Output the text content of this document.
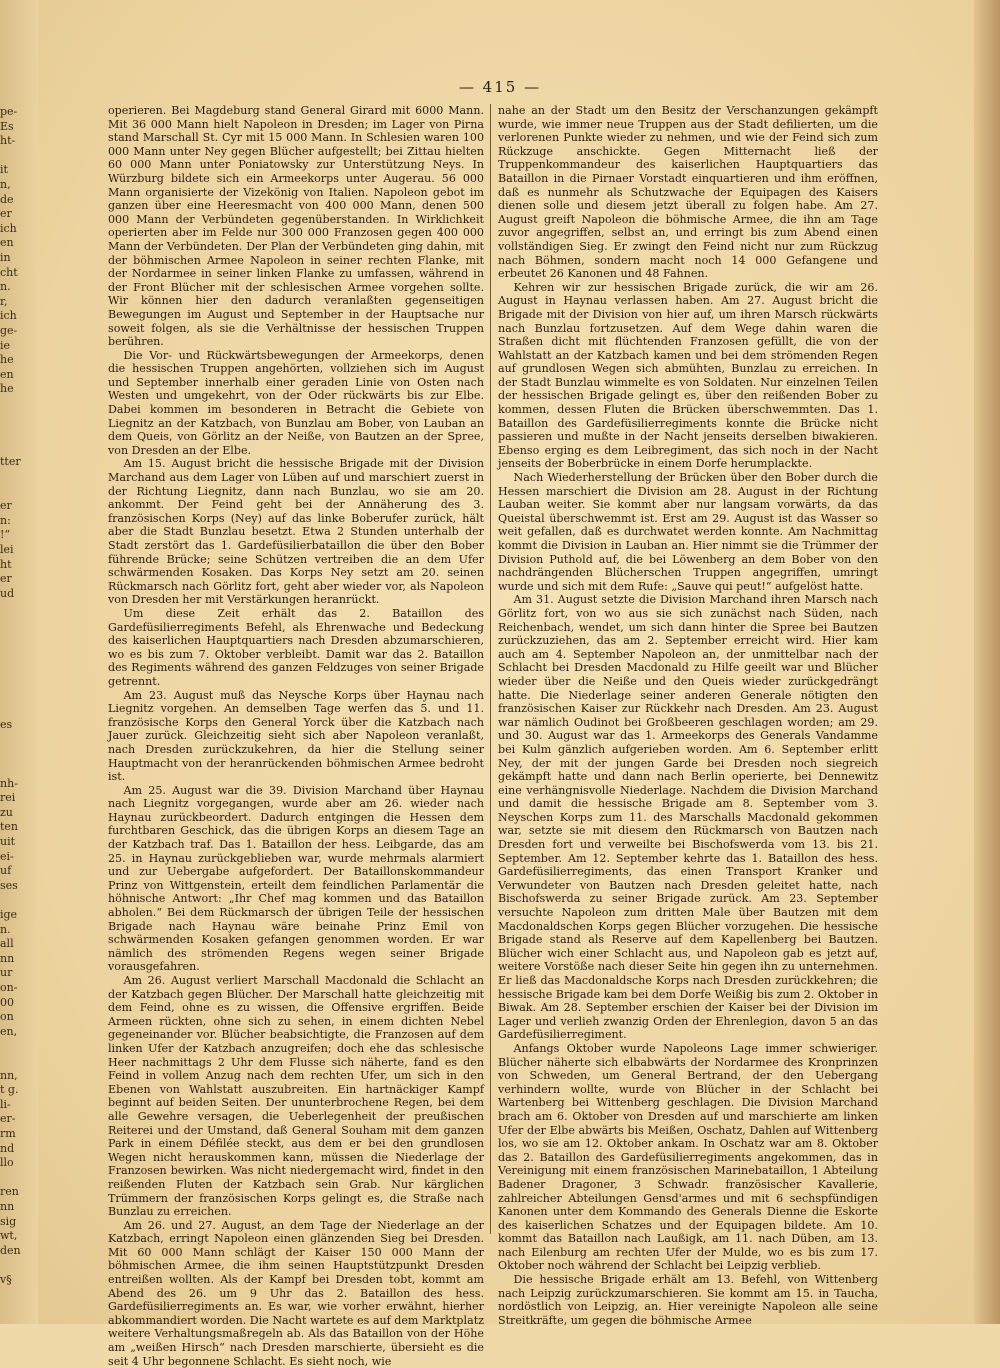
pe-
Es
ht-
it
n,
de
er
ich
en
in
cht
n.
r,
ich
ge-
ie
he
en
he
tter
er
n:
!“
lei
ht
er
ud
es
nh-
rei
zu
ten
uit
ei-
uf
ses
ige
n.
all
nn
ur
on-
00
on
en,
nn,
t g.
li-
er-
rm
nd
llo
ren
nn
sig
wt,
den
v§
— 415 —

operieren. Bei Magdeburg stand General Girard mit 6000 Mann. Mit 36 000 Mann hielt Napoleon in Dresden; im Lager von Pirna stand Marschall St. Cyr mit 15 000 Mann. In Schlesien waren 100 000 Mann unter Ney gegen Blücher aufgestellt; bei Zittau hielten 60 000 Mann unter Poniatowsky zur Unterstützung Neys. In Würzburg bildete sich ein Armeekorps unter Augerau. 56 000 Mann organisierte der Vizekönig von Italien. Napoleon gebot im ganzen über eine Heeresmacht von 400 000 Mann, denen 500 000 Mann der Verbündeten gegenüberstanden. In Wirklichkeit operierten aber im Felde nur 300 000 Franzosen gegen 400 000 Mann der Verbündeten. Der Plan der Verbündeten ging dahin, mit der böhmischen Armee Napoleon in seiner rechten Flanke, mit der Nordarmee in seiner linken Flanke zu umfassen, während in der Front Blücher mit der schlesischen Armee vorgehen sollte. Wir können hier den dadurch veranlaßten gegenseitigen Bewegungen im August und September in der Hauptsache nur soweit folgen, als sie die Verhältnisse der hessischen Truppen berühren.

Die Vor- und Rückwärtsbewegungen der Armeekorps, denen die hessischen Truppen angehörten, vollziehen sich im August und September innerhalb einer geraden Linie von Osten nach Westen und umgekehrt, von der Oder rückwärts bis zur Elbe. Dabei kommen im besonderen in Betracht die Gebiete von Liegnitz an der Katzbach, von Bunzlau am Bober, von Lauban an dem Queis, von Görlitz an der Neiße, von Bautzen an der Spree, von Dresden an der Elbe.

Am 15. August bricht die hessische Brigade mit der Division Marchand aus dem Lager von Lüben auf und marschiert zuerst in der Richtung Liegnitz, dann nach Bunzlau, wo sie am 20. ankommt. Der Feind geht bei der Annäherung des 3. französischen Korps (Ney) auf das linke Boberufer zurück, hält aber die Stadt Bunzlau besetzt. Etwa 2 Stunden unterhalb der Stadt zerstört das 1. Gardefüsilierbataillon die über den Bober führende Brücke; seine Schützen vertreiben die an dem Ufer schwärmenden Kosaken. Das Korps Ney setzt am 20. seinen Rückmarsch nach Görlitz fort, geht aber wieder vor, als Napoleon von Dresden her mit Verstärkungen heranrückt.

Um diese Zeit erhält das 2. Bataillon des Gardefüsilierregiments Befehl, als Ehrenwache und Bedeckung des kaiserlichen Hauptquartiers nach Dresden abzumarschieren, wo es bis zum 7. Oktober verbleibt. Damit war das 2. Bataillon des Regiments während des ganzen Feldzuges von seiner Brigade getrennt.

Am 23. August muß das Neysche Korps über Haynau nach Liegnitz vorgehen. An demselben Tage werfen das 5. und 11. französische Korps den General Yorck über die Katzbach nach Jauer zurück. Gleichzeitig sieht sich aber Napoleon veranlaßt, nach Dresden zurückzukehren, da hier die Stellung seiner Hauptmacht von der heranrückenden böhmischen Armee bedroht ist.

Am 25. August war die 39. Division Marchand über Haynau nach Liegnitz vorgegangen, wurde aber am 26. wieder nach Haynau zurückbeordert. Dadurch entgingen die Hessen dem furchtbaren Geschick, das die übrigen Korps an diesem Tage an der Katzbach traf. Das 1. Bataillon der hess. Leibgarde, das am 25. in Haynau zurückgeblieben war, wurde mehrmals alarmiert und zur Uebergabe aufgefordert. Der Bataillonskommandeur Prinz von Wittgenstein, erteilt dem feindlichen Parlamentär die höhnische Antwort: „Ihr Chef mag kommen und das Bataillon abholen.“ Bei dem Rückmarsch der übrigen Teile der hessischen Brigade nach Haynau wäre beinahe Prinz Emil von schwärmenden Kosaken gefangen genommen worden. Er war nämlich des strömenden Regens wegen seiner Brigade vorausgefahren.

Am 26. August verliert Marschall Macdonald die Schlacht an der Katzbach gegen Blücher. Der Marschall hatte gleichzeitig mit dem Feind, ohne es zu wissen, die Offensive ergriffen. Beide Armeen rückten, ohne sich zu sehen, in einem dichten Nebel gegeneinander vor. Blücher beabsichtigte, die Franzosen auf dem linken Ufer der Katzbach anzugreifen; doch ehe das schlesische Heer nachmittags 2 Uhr dem Flusse sich näherte, fand es den Feind in vollem Anzug nach dem rechten Ufer, um sich in den Ebenen von Wahlstatt auszubreiten. Ein hartnäckiger Kampf beginnt auf beiden Seiten. Der ununterbrochene Regen, bei dem alle Gewehre versagen, die Ueberlegenheit der preußischen Reiterei und der Umstand, daß General Souham mit dem ganzen Park in einem Défilée steckt, aus dem er bei den grundlosen Wegen nicht herauskommen kann, müssen die Niederlage der Franzosen bewirken. Was nicht niedergemacht wird, findet in den reißenden Fluten der Katzbach sein Grab. Nur kärglichen Trümmern der französischen Korps gelingt es, die Straße nach Bunzlau zu erreichen.

Am 26. und 27. August, an dem Tage der Niederlage an der Katzbach, erringt Napoleon einen glänzenden Sieg bei Dresden. Mit 60 000 Mann schlägt der Kaiser 150 000 Mann der böhmischen Armee, die ihm seinen Hauptstützpunkt Dresden entreißen wollten. Als der Kampf bei Dresden tobt, kommt am Abend des 26. um 9 Uhr das 2. Bataillon des hess. Gardefüsilierregiments an. Es war, wie vorher erwähnt, hierher abkommandiert worden. Die Nacht wartete es auf dem Marktplatz weitere Verhaltungsmaßregeln ab. Als das Bataillon von der Höhe am „weißen Hirsch“ nach Dresden marschierte, übersieht es die seit 4 Uhr begonnene Schlacht. Es sieht noch, wie

nahe an der Stadt um den Besitz der Verschanzungen gekämpft wurde, wie immer neue Truppen aus der Stadt defilierten, um die verlorenen Punkte wieder zu nehmen, und wie der Feind sich zum Rückzuge anschickte. Gegen Mitternacht ließ der Truppenkommandeur des kaiserlichen Hauptquartiers das Bataillon in die Pirnaer Vorstadt einquartieren und ihm eröffnen, daß es nunmehr als Schutzwache der Equipagen des Kaisers dienen solle und diesem jetzt überall zu folgen habe. Am 27. August greift Napoleon die böhmische Armee, die ihn am Tage zuvor angegriffen, selbst an, und erringt bis zum Abend einen vollständigen Sieg. Er zwingt den Feind nicht nur zum Rückzug nach Böhmen, sondern macht noch 14 000 Gefangene und erbeutet 26 Kanonen und 48 Fahnen.

Kehren wir zur hessischen Brigade zurück, die wir am 26. August in Haynau verlassen haben. Am 27. August bricht die Brigade mit der Division von hier auf, um ihren Marsch rückwärts nach Bunzlau fortzusetzen. Auf dem Wege dahin waren die Straßen dicht mit flüchtenden Franzosen gefüllt, die von der Wahlstatt an der Katzbach kamen und bei dem strömenden Regen auf grundlosen Wegen sich abmühten, Bunzlau zu erreichen. In der Stadt Bunzlau wimmelte es von Soldaten. Nur einzelnen Teilen der hessischen Brigade gelingt es, über den reißenden Bober zu kommen, dessen Fluten die Brücken überschwemmten. Das 1. Bataillon des Gardefüsilierregiments konnte die Brücke nicht passieren und mußte in der Nacht jenseits derselben biwakieren. Ebenso erging es dem Leibregiment, das sich noch in der Nacht jenseits der Boberbrücke in einem Dorfe herumplackte.

Nach Wiederherstellung der Brücken über den Bober durch die Hessen marschiert die Division am 28. August in der Richtung Lauban weiter. Sie kommt aber nur langsam vorwärts, da das Queistal überschwemmt ist. Erst am 29. August ist das Wasser so weit gefallen, daß es durchwatet werden konnte. Am Nachmittag kommt die Division in Lauban an. Hier nimmt sie die Trümmer der Division Puthold auf, die bei Löwenberg an dem Bober von den nachdrängenden Blücherschen Truppen angegriffen, umringt wurde und sich mit dem Rufe: „Sauve qui peut!“ aufgelöst hatte.

Am 31. August setzte die Division Marchand ihren Marsch nach Görlitz fort, von wo aus sie sich zunächst nach Süden, nach Reichenbach, wendet, um sich dann hinter die Spree bei Bautzen zurückzuziehen, das am 2. September erreicht wird. Hier kam auch am 4. September Napoleon an, der unmittelbar nach der Schlacht bei Dresden Macdonald zu Hilfe geeilt war und Blücher wieder über die Neiße und den Queis wieder zurückgedrängt hatte. Die Niederlage seiner anderen Generale nötigten den französischen Kaiser zur Rückkehr nach Dresden. Am 23. August war nämlich Oudinot bei Großbeeren geschlagen worden; am 29. und 30. August war das 1. Armeekorps des Generals Vandamme bei Kulm gänzlich aufgerieben worden. Am 6. September erlitt Ney, der mit der jungen Garde bei Dresden noch siegreich gekämpft hatte und dann nach Berlin operierte, bei Dennewitz eine verhängnisvolle Niederlage. Nachdem die Division Marchand und damit die hessische Brigade am 8. September vom 3. Neyschen Korps zum 11. des Marschalls Macdonald gekommen war, setzte sie mit diesem den Rückmarsch von Bautzen nach Dresden fort und verweilte bei Bischofswerda vom 13. bis 21. September. Am 12. September kehrte das 1. Bataillon des hess. Gardefüsilierregiments, das einen Transport Kranker und Verwundeter von Bautzen nach Dresden geleitet hatte, nach Bischofswerda zu seiner Brigade zurück. Am 23. September versuchte Napoleon zum dritten Male über Bautzen mit dem Macdonaldschen Korps gegen Blücher vorzugehen. Die hessische Brigade stand als Reserve auf dem Kapellenberg bei Bautzen. Blücher wich einer Schlacht aus, und Napoleon gab es jetzt auf, weitere Vorstöße nach dieser Seite hin gegen ihn zu unternehmen. Er ließ das Macdonaldsche Korps nach Dresden zurückkehren; die hessische Brigade kam bei dem Dorfe Weißig bis zum 2. Oktober in Biwak. Am 28. September erschien der Kaiser bei der Division im Lager und verlieh zwanzig Orden der Ehrenlegion, davon 5 an das Gardefüsilierregiment.

Anfangs Oktober wurde Napoleons Lage immer schwieriger. Blücher näherte sich elbabwärts der Nordarmee des Kronprinzen von Schweden, um General Bertrand, der den Uebergang verhindern wollte, wurde von Blücher in der Schlacht bei Wartenberg bei Wittenberg geschlagen. Die Division Marchand brach am 6. Oktober von Dresden auf und marschierte am linken Ufer der Elbe abwärts bis Meißen, Oschatz, Dahlen auf Wittenberg los, wo sie am 12. Oktober ankam. In Oschatz war am 8. Oktober das 2. Bataillon des Gardefüsilierregiments angekommen, das in Vereinigung mit einem französischen Marinebataillon, 1 Abteilung Badener Dragoner, 3 Schwadr. französischer Kavallerie, zahlreicher Abteilungen Gensd'armes und mit 6 sechspfündigen Kanonen unter dem Kommando des Generals Dienne die Eskorte des kaiserlichen Schatzes und der Equipagen bildete. Am 10. kommt das Bataillon nach Laußigk, am 11. nach Düben, am 13. nach Eilenburg am rechten Ufer der Mulde, wo es bis zum 17. Oktober noch während der Schlacht bei Leipzig verblieb.

Die hessische Brigade erhält am 13. Befehl, von Wittenberg nach Leipzig zurückzumarschieren. Sie kommt am 15. in Taucha, nordöstlich von Leipzig, an. Hier vereinigte Napoleon alle seine Streitkräfte, um gegen die böhmische Armee
